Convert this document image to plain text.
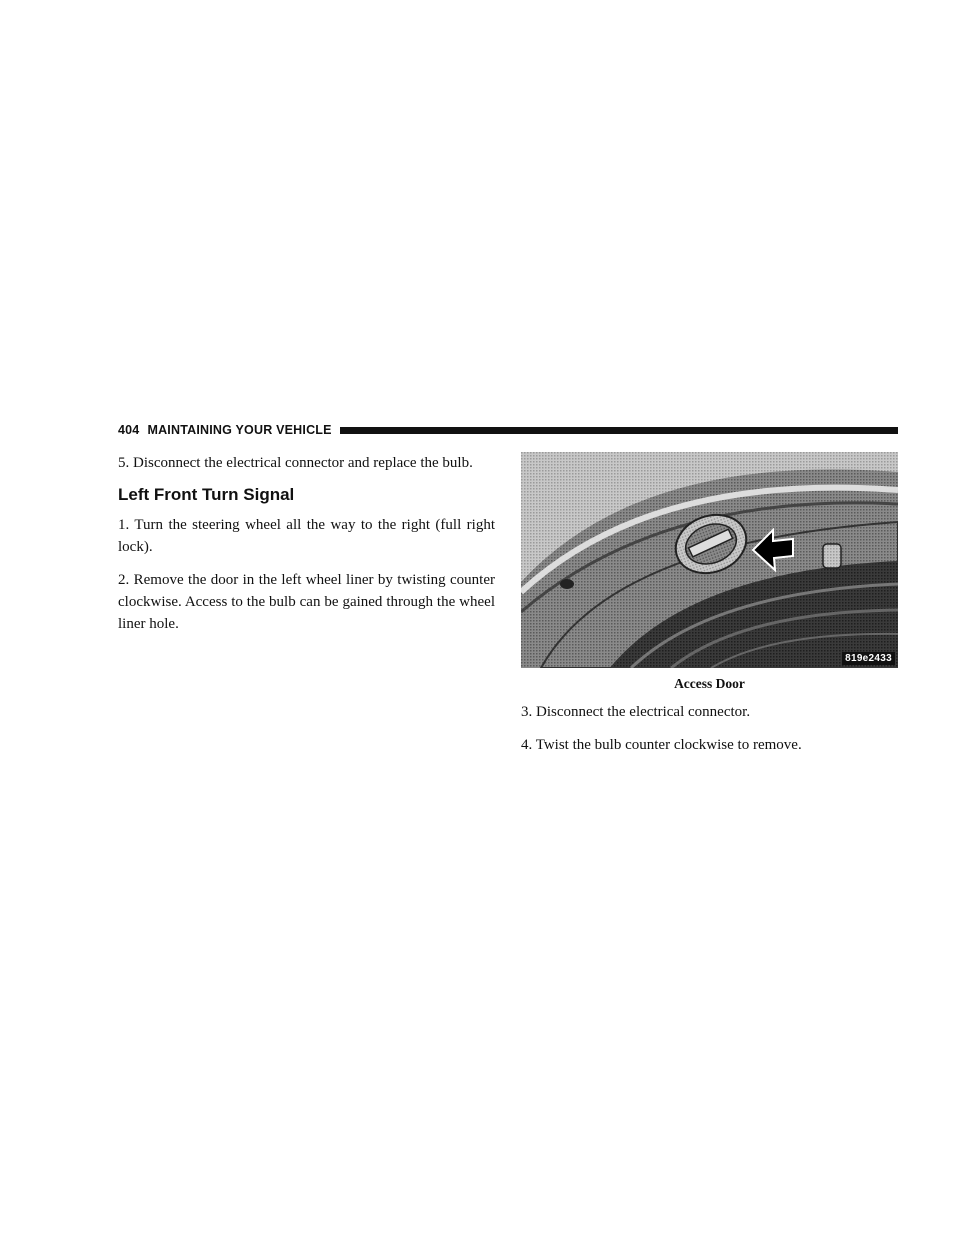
404 MAINTAINING YOUR VEHICLE

5. Disconnect the electrical connector and replace the bulb.

Left Front Turn Signal

1. Turn the steering wheel all the way to the right (full right lock).

2. Remove the door in the left wheel liner by twisting counter clockwise. Access to the bulb can be gained through the wheel liner hole.

819e2433
Access Door

3. Disconnect the electrical connector.

4. Twist the bulb counter clockwise to remove.
